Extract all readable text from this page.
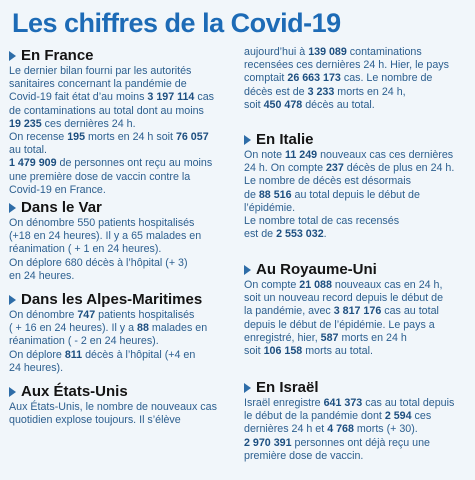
Les chiffres de la Covid-19
En France
Le dernier bilan fourni par les autorités
sanitaires concernant la pandémie de
Covid-19 fait état d’au moins 3 197 114 cas
de contaminations au total dont au moins
19 235 ces dernières 24 h.
On recense 195 morts en 24 h soit 76 057
au total.
1 479 909 de personnes ont reçu au moins
une première dose de vaccin contre la
Covid-19 en France.
Dans le Var
On dénombre 550 patients hospitalisés
(+18 en 24 heures). Il y a 65 malades en
réanimation ( + 1 en 24 heures).
On déplore 680 décès à l’hôpital (+ 3)
en 24 heures.
Dans les Alpes-Maritimes
On dénombre 747 patients hospitalisés
( + 16 en 24 heures). Il y a 88 malades en
réanimation ( - 2 en 24 heures).
On déplore 811 décès à l’hôpital (+4 en
24 heures).
Aux États-Unis
Aux États-Unis, le nombre de nouveaux cas
quotidien explose toujours. Il s’élève
aujourd’hui à 139 089 contaminations
recensées ces dernières 24 h. Hier, le pays
comptait 26 663 173 cas. Le nombre de
décès est de 3 233 morts en 24 h,
soit 450 478 décès au total.
En Italie
On note 11 249 nouveaux cas ces dernières
24 h. On compte 237 décès de plus en 24 h.
Le nombre de décès est désormais
de 88 516 au total depuis le début de
l’épidémie.
Le nombre total de cas recensés
est de 2 553 032.
Au Royaume-Uni
On compte 21 088 nouveaux cas en 24 h,
soit un nouveau record depuis le début de
la pandémie, avec 3 817 176 cas au total
depuis le début de l’épidémie. Le pays a
enregistré, hier, 587 morts en 24 h
soit 106 158 morts au total.
En Israël
Israël enregistre 641 373 cas au total depuis
le début de la pandémie dont 2 594 ces
dernières 24 h et 4 768 morts (+ 30).
2 970 391 personnes ont déjà reçu une
première dose de vaccin.
